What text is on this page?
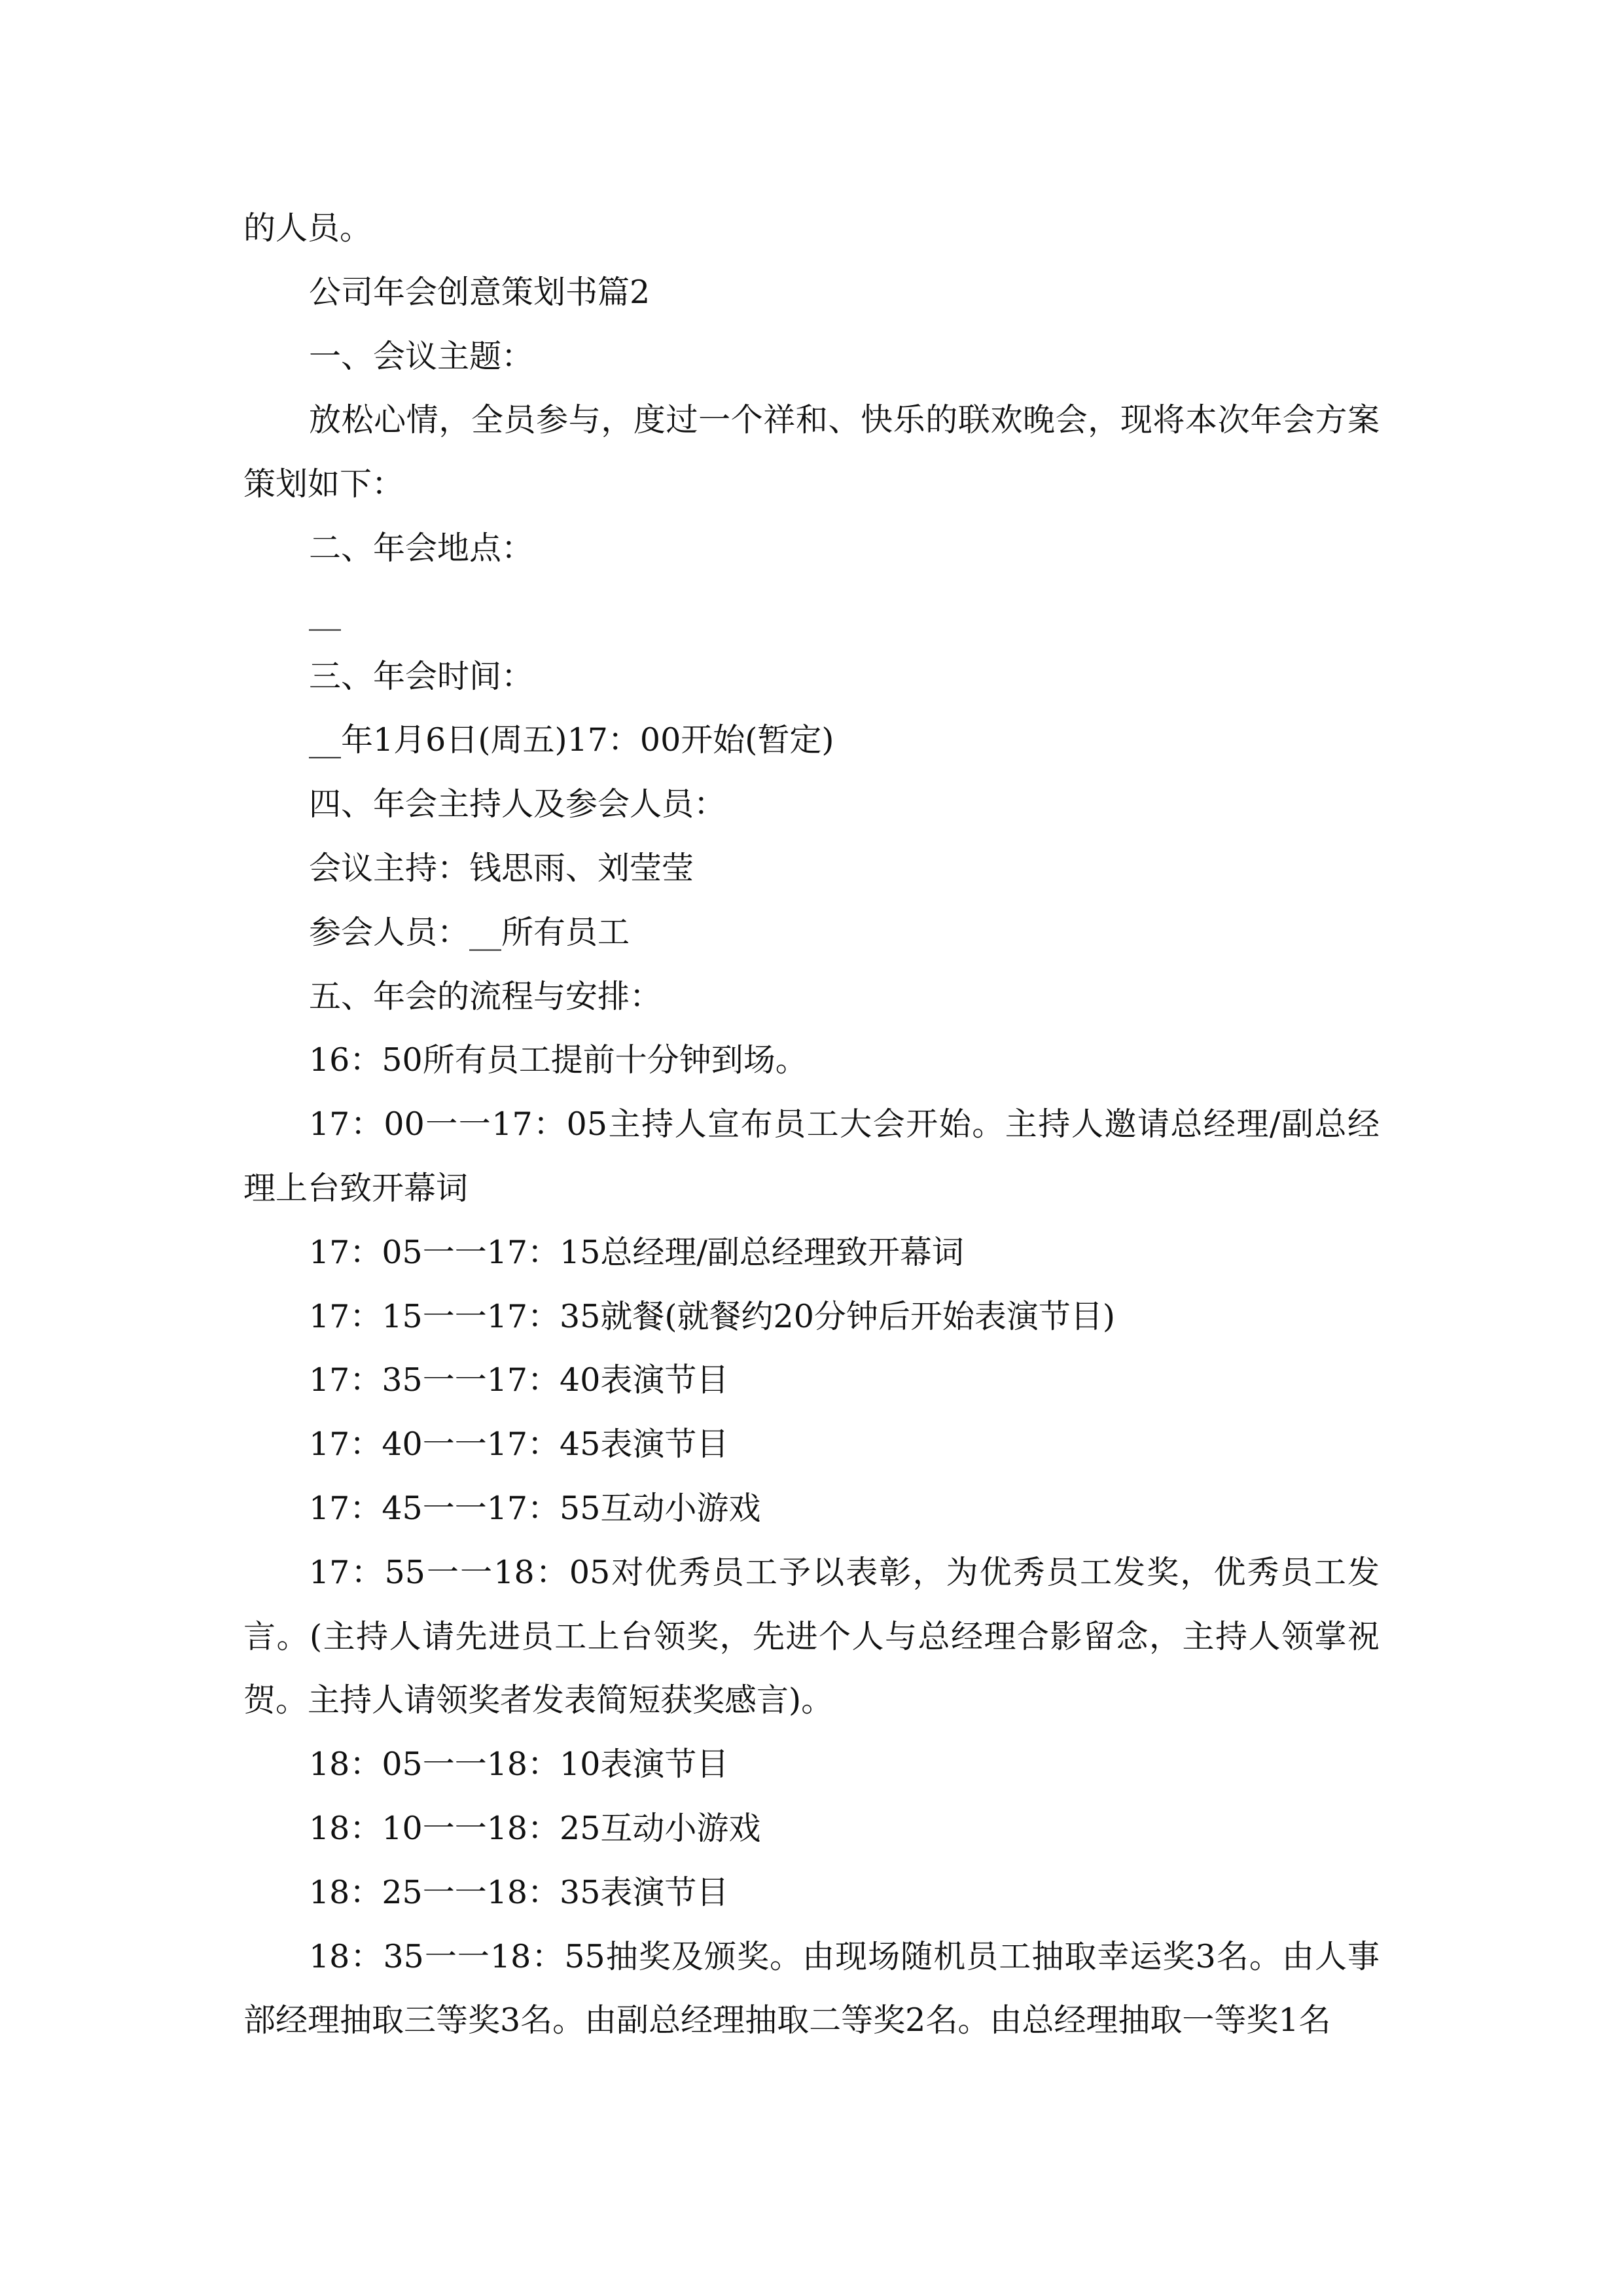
的人员。

公司年会创意策划书篇2

一、会议主题：

放松心情，全员参与，度过一个祥和、快乐的联欢晚会，现将本次年会方案策划如下：

二、年会地点：

__

三、年会时间：

__年1月6日(周五)17：00开始(暂定)

四、年会主持人及参会人员：

会议主持：钱思雨、刘莹莹

参会人员：__所有员工

五、年会的流程与安排：

16：50所有员工提前十分钟到场。

17：00一一17：05主持人宣布员工大会开始。主持人邀请总经理/副总经理上台致开幕词

17：05一一17：15总经理/副总经理致开幕词

17：15一一17：35就餐(就餐约20分钟后开始表演节目)

17：35一一17：40表演节目

17：40一一17：45表演节目

17：45一一17：55互动小游戏

17：55一一18：05对优秀员工予以表彰，为优秀员工发奖，优秀员工发言。(主持人请先进员工上台领奖，先进个人与总经理合影留念，主持人领掌祝贺。主持人请领奖者发表简短获奖感言)。

18：05一一18：10表演节目

18：10一一18：25互动小游戏

18：25一一18：35表演节目

18：35一一18：55抽奖及颁奖。由现场随机员工抽取幸运奖3名。由人事部经理抽取三等奖3名。由副总经理抽取二等奖2名。由总经理抽取一等奖1名
